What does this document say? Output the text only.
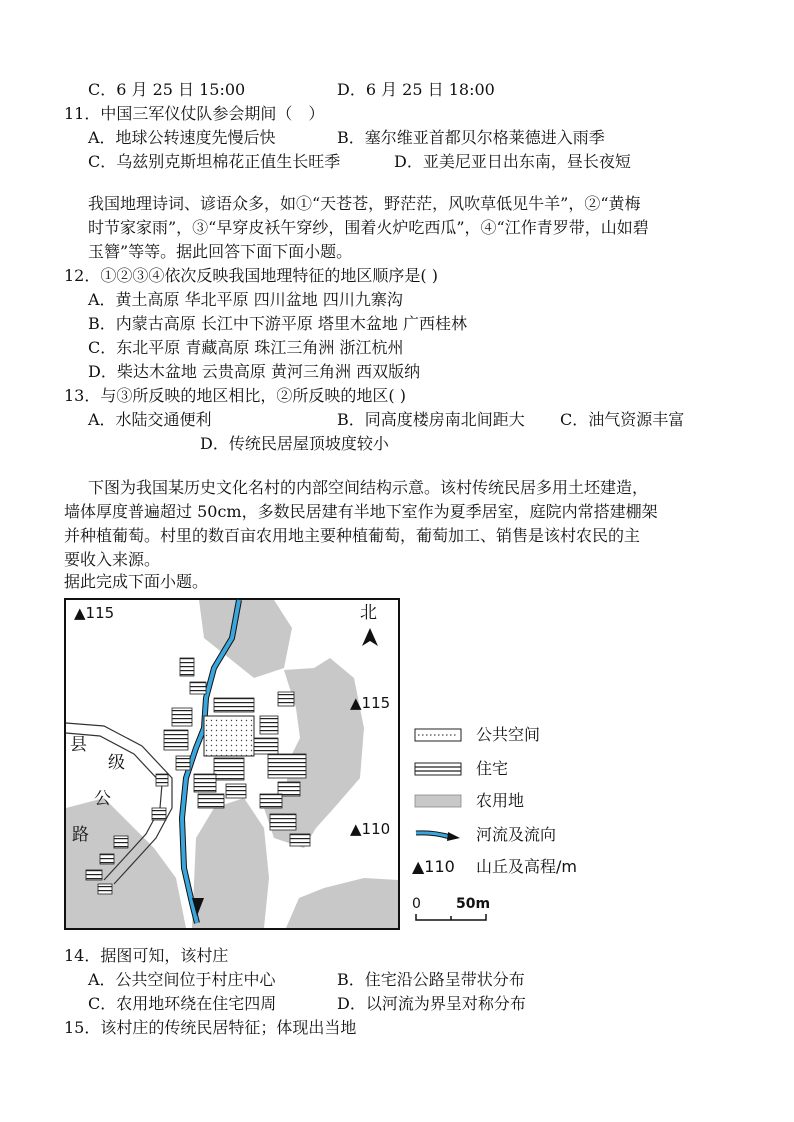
C．6 月 25 日 15:00	D．6 月 25 日 18:00
11．中国三军仪仗队参会期间（　）
A．地球公转速度先慢后快	B．塞尔维亚首都贝尔格莱德进入雨季
C．乌兹别克斯坦棉花正值生长旺季	D．亚美尼亚日出东南，昼长夜短
我国地理诗词、谚语众多，如①“天苍苍，野茫茫，风吹草低见牛羊”，②“黄梅
时节家家雨”，③“早穿皮袄午穿纱，围着火炉吃西瓜”，④“江作青罗带，山如碧
玉簪”等等。据此回答下面下面小题。
12．①②③④依次反映我国地理特征的地区顺序是( )
A．黄土高原 华北平原 四川盆地 四川九寨沟
B．内蒙古高原 长江中下游平原 塔里木盆地 广西桂林
C．东北平原 青藏高原 珠江三角洲 浙江杭州
D．柴达木盆地 云贵高原 黄河三角洲 西双版纳
13．与③所反映的地区相比，②所反映的地区( )
A．水陆交通便利	B．同高度楼房南北间距大 C．油气资源丰富
D．传统民居屋顶坡度较小
下图为我国某历史文化名村的内部空间结构示意。该村传统民居多用土坯建造，
墙体厚度普遍超过 50cm，多数民居建有半地下室作为夏季居室，庭院内常搭建棚架
并种植葡萄。村里的数百亩农用地主要种植葡萄，葡萄加工、销售是该村农民的主
要收入来源。
据此完成下面小题。
▲115
▲115
▲110
北
县
级
公
路
公共空间
住宅
农用地
河流及流向
▲110 山丘及高程/m
0	50m
14．据图可知，该村庄
A．公共空间位于村庄中心	B．住宅沿公路呈带状分布
C．农用地环绕在住宅四周	D．以河流为界呈对称分布
15．该村庄的传统民居特征；体现出当地
